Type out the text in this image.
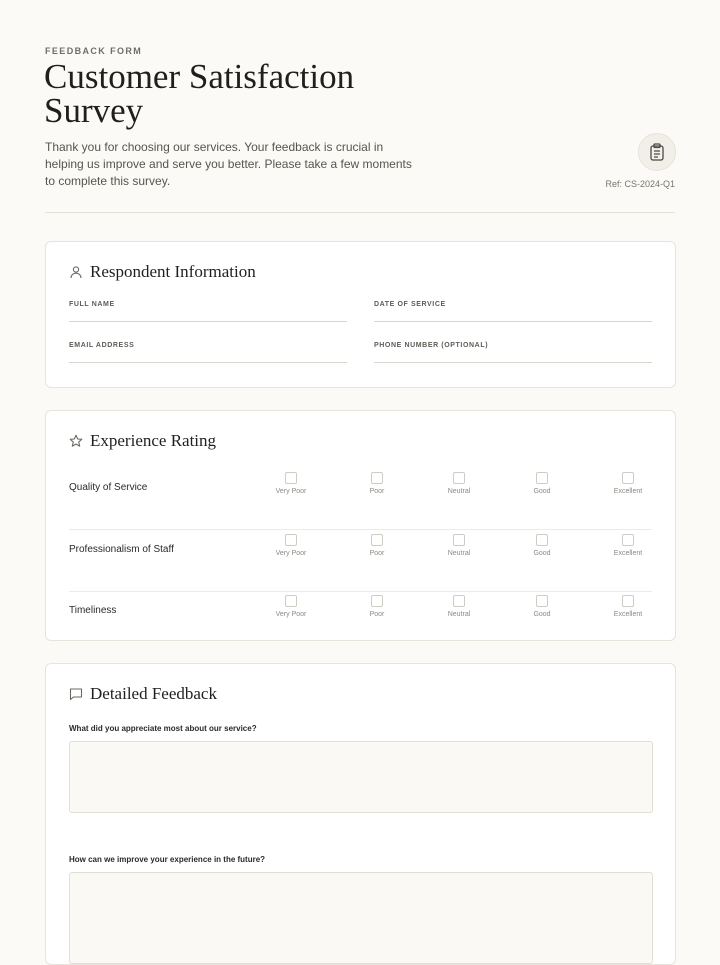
FEEDBACK FORM
Customer Satisfaction Survey

Thank you for choosing our services. Your feedback is crucial in helping us improve and serve you better. Please take a few moments to complete this survey.	Ref: CS-2024-Q1
Respondent Information
FULL NAME	DATE OF SERVICE
EMAIL ADDRESS	PHONE NUMBER (OPTIONAL)
Experience Rating
Quality of Service	Very Poor	Poor	Neutral	Good	Excellent
Professionalism of Staff	Very Poor	Poor	Neutral	Good	Excellent
Timeliness	Very Poor	Poor	Neutral	Good	Excellent
Detailed Feedback
What did you appreciate most about our service?
How can we improve your experience in the future?
